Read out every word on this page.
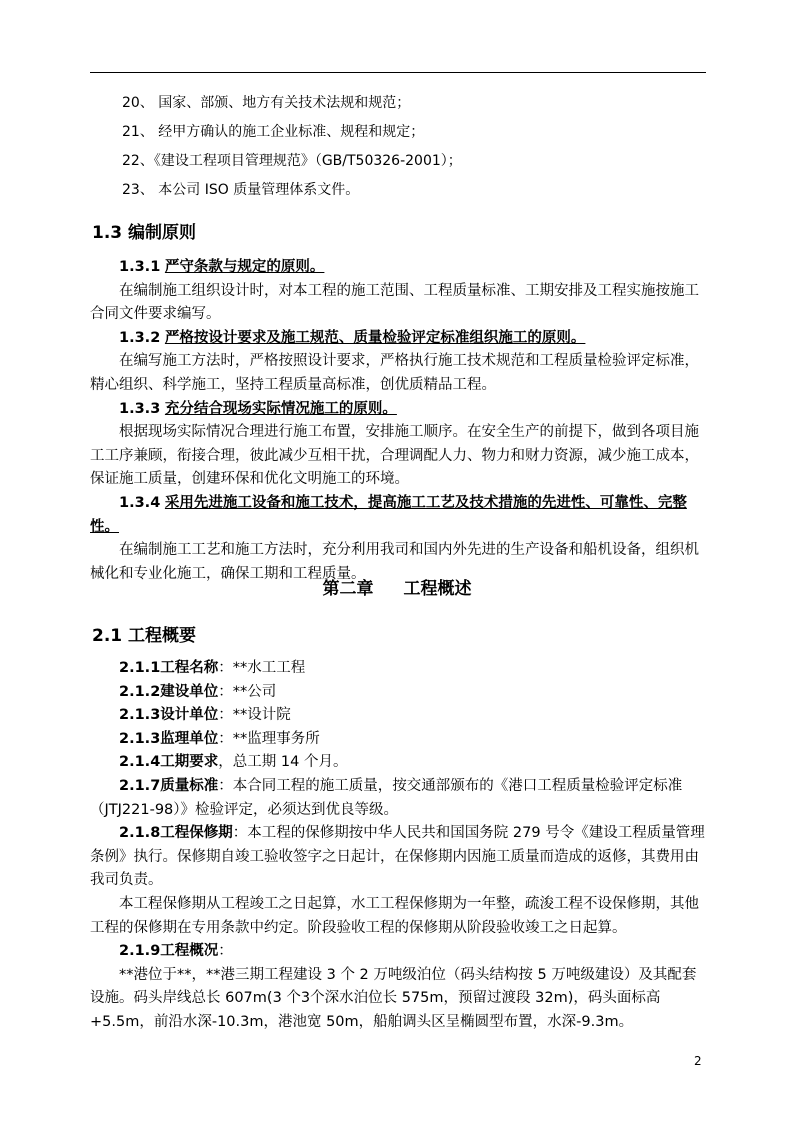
20、 国家、部颁、地方有关技术法规和规范；
21、 经甲方确认的施工企业标准、规程和规定；
22、《建设工程项目管理规范》（GB/T50326-2001）；
23、 本公司 ISO 质量管理体系文件。
1.3 编制原则

1.3.1 严守条款与规定的原则。

在编制施工组织设计时，对本工程的施工范围、工程质量标准、工期安排及工程实施按施工合同文件要求编写。

1.3.2 严格按设计要求及施工规范、质量检验评定标准组织施工的原则。

在编写施工方法时，严格按照设计要求，严格执行施工技术规范和工程质量检验评定标准，精心组织、科学施工，坚持工程质量高标准，创优质精品工程。

1.3.3 充分结合现场实际情况施工的原则。

根据现场实际情况合理进行施工布置，安排施工顺序。在安全生产的前提下，做到各项目施工工序兼顾，衔接合理，彼此减少互相干扰，合理调配人力、物力和财力资源，减少施工成本，保证施工质量，创建环保和优化文明施工的环境。

1.3.4 采用先进施工设备和施工技术，提高施工工艺及技术措施的先进性、可靠性、完整性。

在编制施工工艺和施工方法时，充分利用我司和国内外先进的生产设备和船机设备，组织机械化和专业化施工，确保工期和工程质量。

第二章 工程概述
2.1 工程概要

2.1.1工程名称：**水工工程

2.1.2建设单位：**公司

2.1.3设计单位：**设计院

2.1.3监理单位：**监理事务所

2.1.4工期要求，总工期 14 个月。

2.1.7质量标准：本合同工程的施工质量，按交通部颁布的《港口工程质量检验评定标准（JTJ221-98）》检验评定，必须达到优良等级。

2.1.8工程保修期：本工程的保修期按中华人民共和国国务院 279 号令《建设工程质量管理条例》执行。保修期自竣工验收签字之日起计，在保修期内因施工质量而造成的返修，其费用由我司负责。

本工程保修期从工程竣工之日起算，水工工程保修期为一年整，疏浚工程不设保修期，其他工程的保修期在专用条款中约定。阶段验收工程的保修期从阶段验收竣工之日起算。

2.1.9工程概况：

**港位于**，**港三期工程建设 3 个 2 万吨级泊位（码头结构按 5 万吨级建设）及其配套设施。码头岸线总长 607m(3 个3个深水泊位长 575m，预留过渡段 32m)，码头面标高+5.5m，前沿水深-10.3m，港池宽 50m，船舶调头区呈椭圆型布置，水深-9.3m。

2
